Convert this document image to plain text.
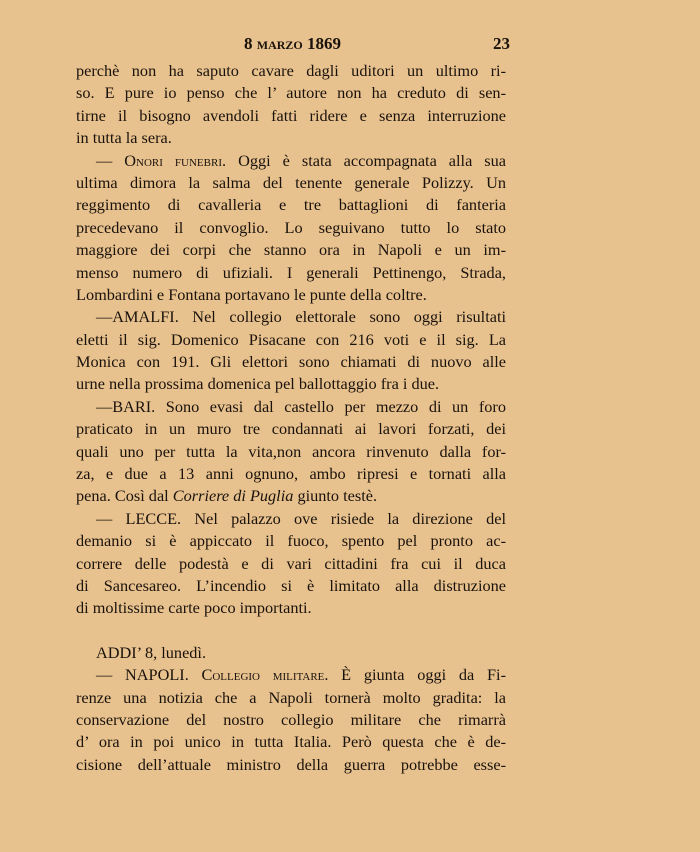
8 marzo 1869	23
perchè non ha saputo cavare dagli uditori un ultimo ri-
so. E pure io penso che l’ autore non ha creduto di sen-
tirne il bisogno avendoli fatti ridere e senza interruzione
in tutta la sera.
— Onori funebri. Oggi è stata accompagnata alla sua
ultima dimora la salma del tenente generale Polizzy. Un
reggimento di cavalleria e tre battaglioni di fanteria
precedevano il convoglio. Lo seguivano tutto lo stato
maggiore dei corpi che stanno ora in Napoli e un im-
menso numero di ufiziali. I generali Pettinengo, Strada,
Lombardini e Fontana portavano le punte della coltre.
—AMALFI. Nel collegio elettorale sono oggi risultati
eletti il sig. Domenico Pisacane con 216 voti e il sig. La
Monica con 191. Gli elettori sono chiamati di nuovo alle
urne nella prossima domenica pel ballottaggio fra i due.
—BARI. Sono evasi dal castello per mezzo di un foro
praticato in un muro tre condannati ai lavori forzati, dei
quali uno per tutta la vita,non ancora rinvenuto dalla for-
za, e due a 13 anni ognuno, ambo ripresi e tornati alla
pena. Così dal Corriere di Puglia giunto testè.
— LECCE. Nel palazzo ove risiede la direzione del
demanio si è appiccato il fuoco, spento pel pronto ac-
correre delle podestà e di vari cittadini fra cui il duca
di Sancesareo. L’incendio si è limitato alla distruzione
di moltissime carte poco importanti.
ADDI’ 8, lunedì.
— NAPOLI. Collegio militare. È giunta oggi da Fi-
renze una notizia che a Napoli tornerà molto gradita: la
conservazione del nostro collegio militare che rimarrà
d’ ora in poi unico in tutta Italia. Però questa che è de-
cisione dell’attuale ministro della guerra potrebbe esse-
